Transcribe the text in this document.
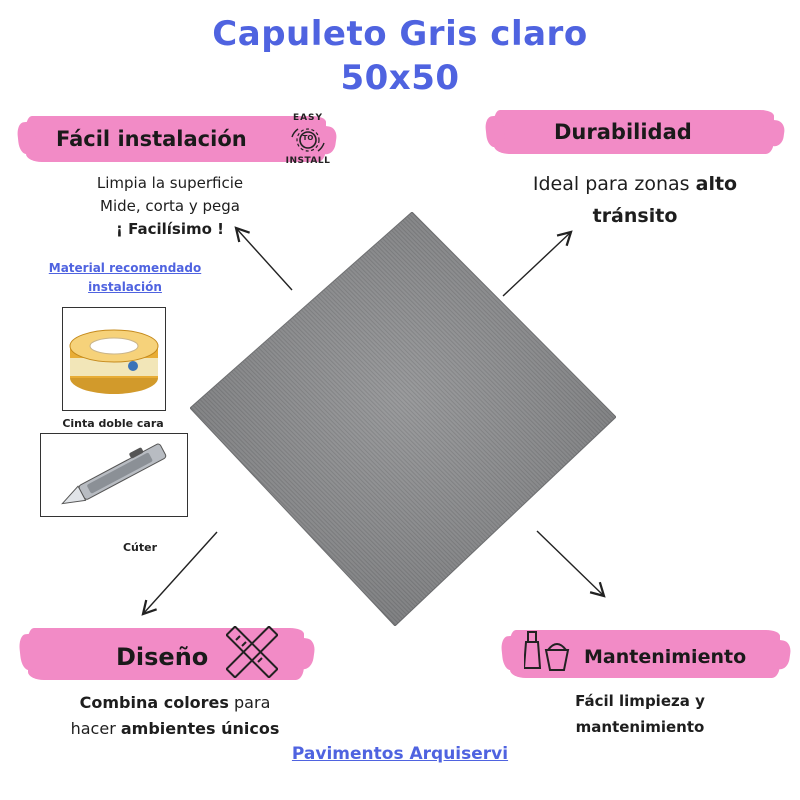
Capuleto Gris claro
50x50
Fácil instalación
EASY
TO
INSTALL
Limpia la superficie
Mide, corta y pega
¡ Facilísimo !
Material recomendado
instalación
Cinta doble cara
Cúter
Durabilidad
Ideal para zonas alto
tránsito
Diseño
Combina colores para
hacer ambientes únicos
Mantenimiento
Fácil limpieza y
mantenimiento
Pavimentos Arquiservi
